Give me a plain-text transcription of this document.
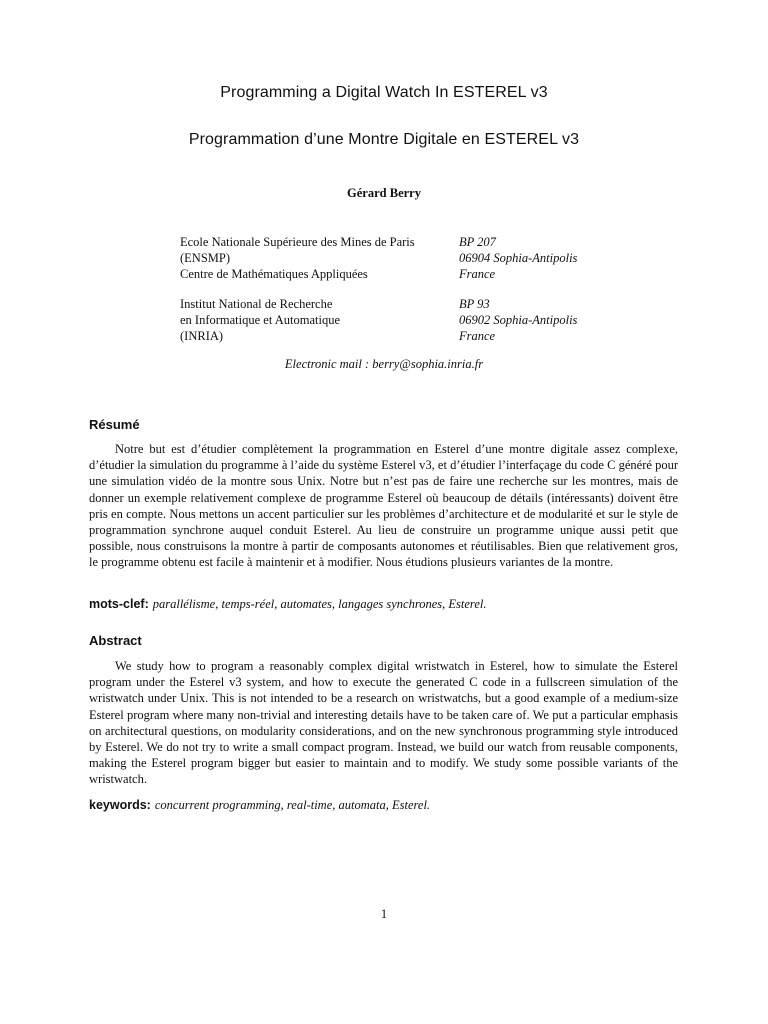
Programming a Digital Watch In ESTEREL v3
Programmation d’une Montre Digitale en ESTEREL v3
Gérard Berry
Ecole Nationale Supérieure des Mines de Paris
(ENSMP)
Centre de Mathématiques Appliquées
BP 207
06904 Sophia-Antipolis
France
Institut National de Recherche
en Informatique et Automatique
(INRIA)
BP 93
06902 Sophia-Antipolis
France
Electronic mail : berry@sophia.inria.fr
Résumé

Notre but est d’étudier complètement la programmation en Esterel d’une montre digitale assez complexe, d’étudier la simulation du programme à l’aide du système Esterel v3, et d’étudier l’interfaçage du code C généré pour une simulation vidéo de la montre sous Unix. Notre but n’est pas de faire une recherche sur les montres, mais de donner un exemple relativement complexe de programme Esterel où beaucoup de détails (intéressants) doivent être pris en compte. Nous mettons un accent particulier sur les problèmes d’architecture et de modularité et sur le style de programmation synchrone auquel conduit Esterel. Au lieu de construire un programme unique aussi petit que possible, nous construisons la montre à partir de composants autonomes et réutilisables. Bien que relativement gros, le programme obtenu est facile à maintenir et à modifier. Nous étudions plusieurs variantes de la montre.

mots-clef: parallélisme, temps-réel, automates, langages synchrones, Esterel.
Abstract

We study how to program a reasonably complex digital wristwatch in Esterel, how to simulate the Esterel program under the Esterel v3 system, and how to execute the generated C code in a fullscreen simulation of the wristwatch under Unix. This is not intended to be a research on wristwatchs, but a good example of a medium-size Esterel program where many non-trivial and interesting details have to be taken care of. We put a particular emphasis on architectural questions, on modularity considerations, and on the new synchronous programming style introduced by Esterel. We do not try to write a small compact program. Instead, we build our watch from reusable components, making the Esterel program bigger but easier to maintain and to modify. We study some possible variants of the wristwatch.

keywords: concurrent programming, real-time, automata, Esterel.
1
